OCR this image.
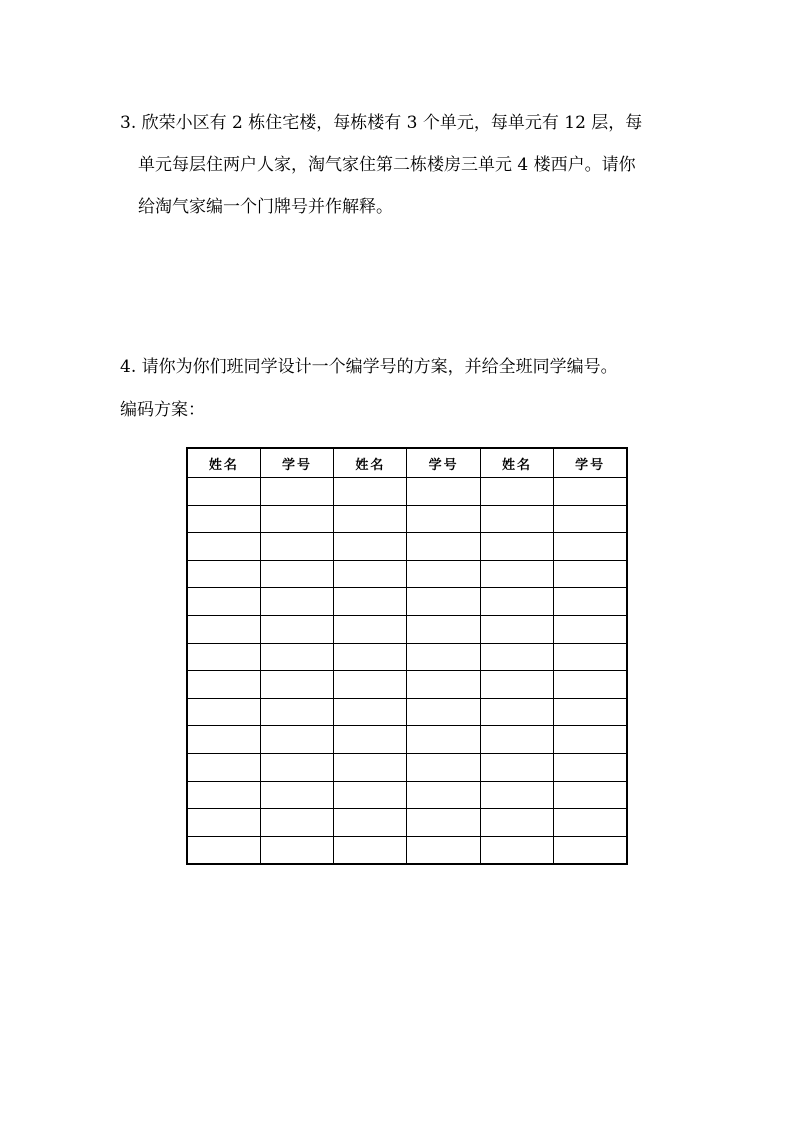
3. 欣荣小区有 2 栋住宅楼，每栋楼有 3 个单元，每单元有 12 层，每
单元每层住两户人家，淘气家住第二栋楼房三单元 4 楼西户。请你
给淘气家编一个门牌号并作解释。
4. 请你为你们班同学设计一个编学号的方案，并给全班同学编号。
编码方案：
姓名	学号	姓名	学号	姓名	学号
